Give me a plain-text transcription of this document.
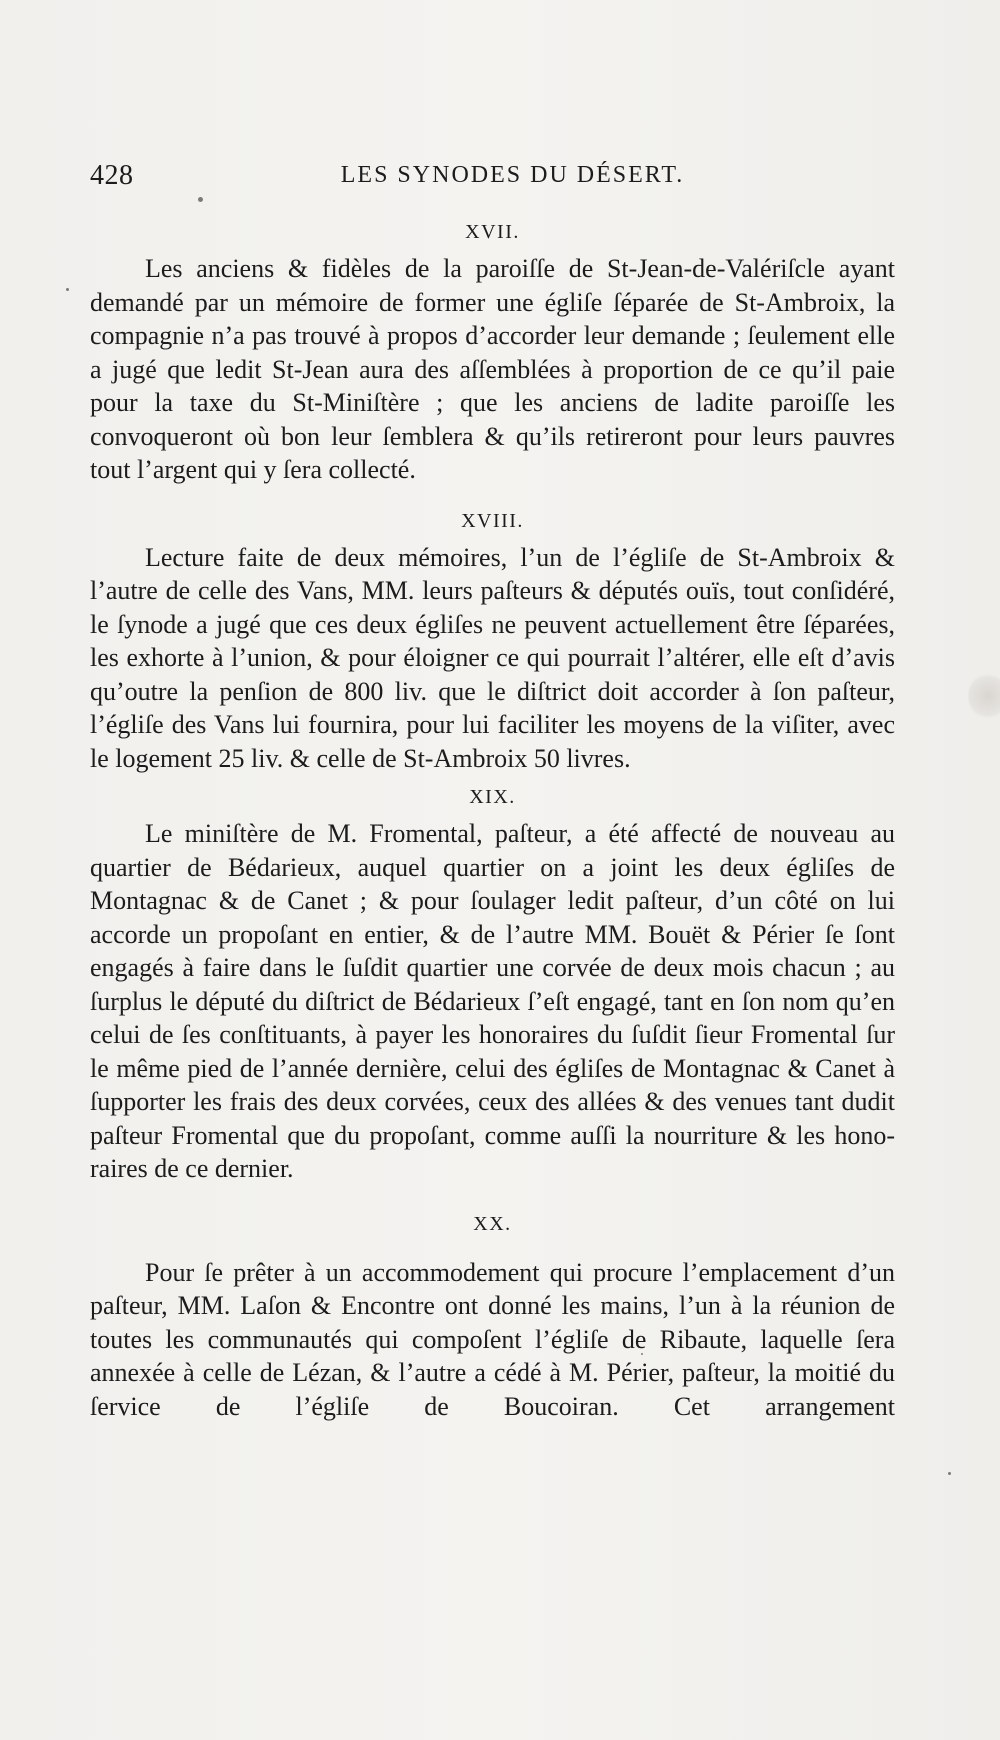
428	LES SYNODES DU DÉSERT.
XVII.

Les anciens & fidèles de la paroiſſe de St-Jean-de-Valériſcle ayant demandé par un mémoire de former une égliſe ſéparée de St-Ambroix, la compagnie n’a pas trouvé à propos d’accorder leur demande ; ſeulement elle a jugé que ledit St-Jean aura des aſſemblées à proportion de ce qu’il paie pour la taxe du St-Miniſtère ; que les anciens de ladite paroiſſe les convoqueront où bon leur ſemblera & qu’ils retireront pour leurs pauvres tout l’argent qui y ſera collecté.

XVIII.

Lecture faite de deux mémoires, l’un de l’égliſe de St-Ambroix & l’autre de celle des Vans, MM. leurs paſteurs & députés ouïs, tout conſidéré, le ſynode a jugé que ces deux égliſes ne peuvent actuellement être ſéparées, les exhorte à l’union, & pour éloigner ce qui pourrait l’altérer, elle eſt d’avis qu’outre la penſion de 800 liv. que le diſtrict doit accorder à ſon paſteur, l’égliſe des Vans lui fournira, pour lui faciliter les moyens de la viſiter, avec le logement 25 liv. & celle de St-Ambroix 50 livres.

XIX.

Le miniſtère de M. Fromental, paſteur, a été affecté de nouveau au quartier de Bédarieux, auquel quartier on a joint les deux égliſes de Montagnac & de Canet ; & pour ſoulager ledit paſteur, d’un côté on lui accorde un propoſant en entier, & de l’autre MM. Bouët & Périer ſe ſont engagés à faire dans le ſuſdit quartier une corvée de deux mois chacun ; au ſurplus le député du diſtrict de Bédarieux ſ’eſt engagé, tant en ſon nom qu’en celui de ſes conſtituants, à payer les honoraires du ſuſdit ſieur Fromental ſur le même pied de l’année dernière, celui des égliſes de Montagnac & Canet à ſupporter les frais des deux corvées, ceux des allées & des venues tant dudit paſteur Fromental que du propoſant, comme auſſi la nourriture & les honoraires de ce dernier.

XX.

Pour ſe prêter à un accommodement qui procure l’emplacement d’un paſteur, MM. Laſon & Encontre ont donné les mains, l’un à la réunion de toutes les communautés qui compoſent l’égliſe de Ribaute, laquelle ſera annexée à celle de Lézan, & l’autre a cédé à M. Périer, paſteur, la moitié du ſervice de l’égliſe de Boucoiran. Cet arrangement
